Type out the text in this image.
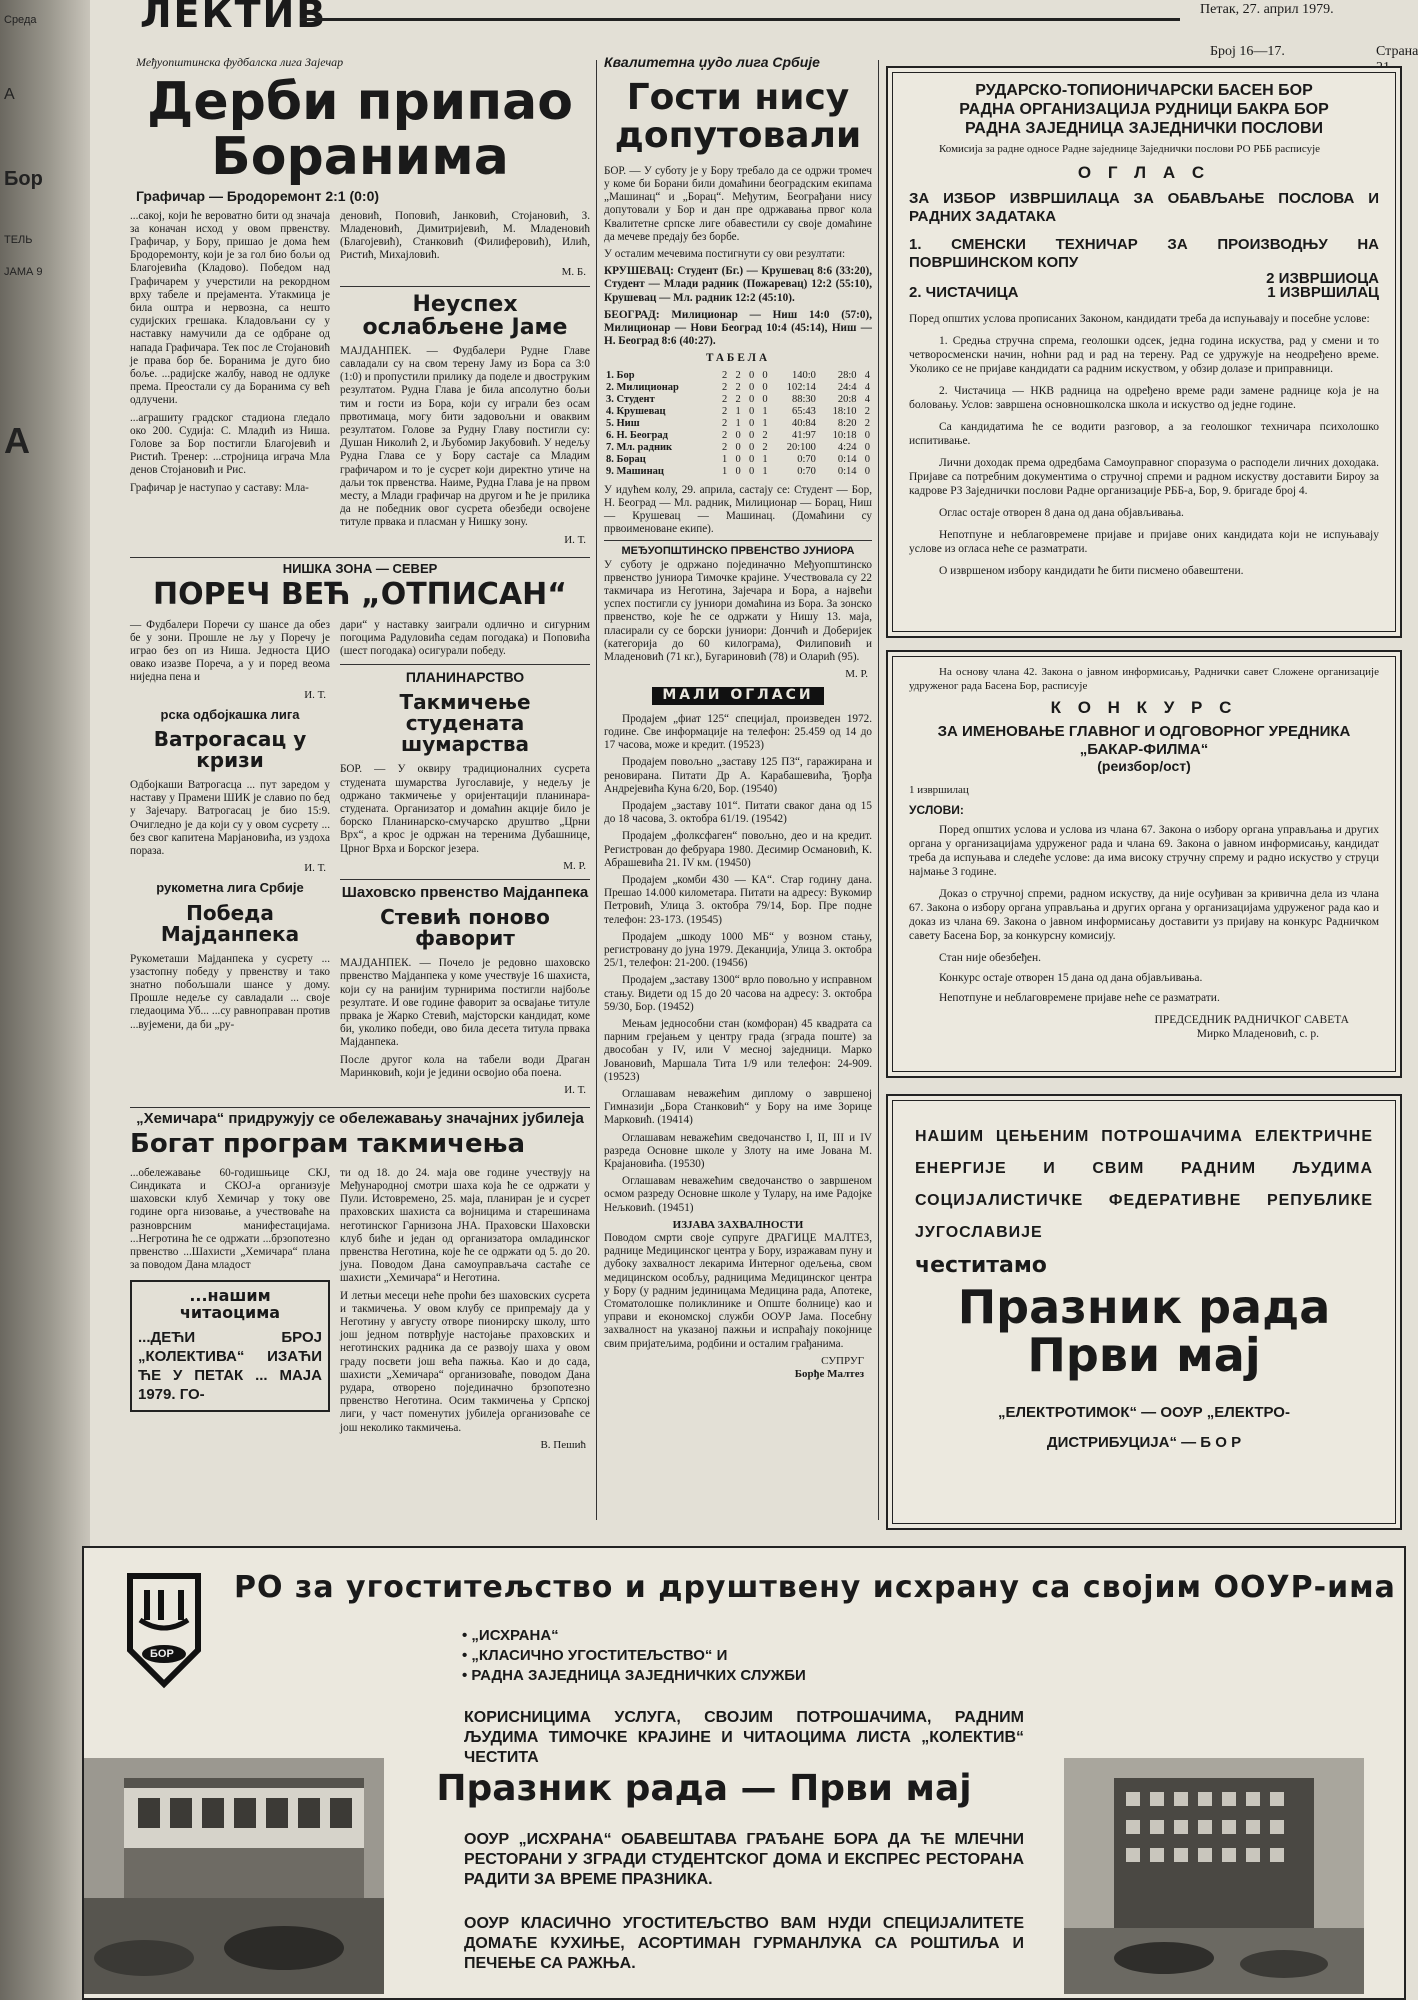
Среда
А
Бор
ТЕЛЬ
ЈАМА 9
А
ЛЕКТИВ	Петак, 27. април 1979.
Број 16—17.	Страна
Међуопштинска фудбалска лига Зајечар
Дерби припао Боранима
Графичар — Бродоремонт 2:1 (0:0)

...сакој, који ће вероватно бити од значаја за коначан исход у овом првенству. Графичар, у Бору, пришао је дома ћем Бродоремонту, који је за гол био бољи од Благојевића (Кладово). Победом над Графичарем у учерстили на рекордном врху табеле и прејамента. Утакмица је била оштра и нервозна, са нешто судијских грешака. Кладовљани су у наставку намучили да се одбране од напада Графичара. Тек пос ле Стојановић је права бор бе. Боранима је дуго био боље. ...радијске жалбу, навод не одлуке према. Преостали су да Боранима су већ одлучени.

...аграшиту градског стадиона гледало око 200. Судија: С. Младић из Ниша. Голове за Бор постигли Благојевић и Ристић. Тренер: ...стројница играча Мла денов Стојановић и Рис.

Графичар је наступао у саставу: Мла-

деновић, Поповић, Јанковић, Стојановић, З. Младеновић, Димитријевић, М. Младеновић (Благојевић), Станковић (Филиферовић), Илић, Ристић, Михајловић.

М. Б.
Неуспех ослабљене Јаме

МАЈДАНПЕК. — Фудбалери Рудне Главе савладали су на свом терену Јаму из Бора са 3:0 (1:0) и пропустили прилику да поделе и двоструким резултатом. Рудна Глава је била апсолутно бољи тим и гости из Бора, који су играли без осам првотимаца, могу бити задовољни и оваквим резултатом. Голове за Рудну Главу постигли су: Душан Николић 2, и Љубомир Јакубовић. У недељу Рудна Глава се у Бору састаје са Младим графичаром и то је сусрет који директно утиче на даљи ток првенства. Наиме, Рудна Глава је на првом месту, а Млади графичар на другом и ће је прилика да не победник овог сусрета обезбеди освојене титуле првака и пласман у Нишку зону.

И. Т.
НИШКА ЗОНА — СЕВЕР
ПОРЕЧ ВЕЋ „ОТПИСАН“

— Фудбалери Поречи су шансе да обез бе у зони. Прошле не љу у Поречу је играо без оп из Ниша. Једноста ЦИО овако изазве Пореча, а у и поред веома ниједна пена и

И. Т.
рска одбојкашка лига
Ватрогасац у кризи

Одбојкаши Ватрогасца ... пут заредом у наставу у Прамени ШИК је славио по бед у Зајечару. Ватрогасац је био 15:9. Очигледно је да који су у овом сусрету ... без свог капитена Марјановића, из уздоха пораза.

И. Т.
рукометна лига Србије
Победа Мајданпека

Рукометаши Мајданпека у сусрету ... узастопну победу у првенству и тако знатно побољшали шансе у дому. Прошле недеље су савладали ... своје гледаоцима Уб... ...су равноправан против ...вујемени, да би „ру-

дари“ у наставку заиграли одлично и сигурним погоцима Радуловића седам погодака) и Поповића (шест погодака) осигурали победу.

ПЛАНИНАРСТВО
Такмичење студената шумарства

БОР. — У оквиру традиционалних сусрета студената шумарства Југославије, у недељу је одржано такмичење у оријентацији планинара-студената. Организатор и домаћин акције било је борско Планинарско-смучарско друштво „Црни Врх“, а крос је одржан на теренима Дубашнице, Црног Врха и Борског језера.

М. Р.
Шаховско првенство Мајданпека
Стевић поново фаворит

МАЈДАНПЕК. — Почело је редовно шаховско првенство Мајданпека у коме учествује 16 шахиста, који су на ранијим турнирима постигли најбоље резултате. И ове године фаворит за освајање титуле првака је Жарко Стевић, мајсторски кандидат, коме би, уколико победи, ово била десета титула првака Мајданпека.

После другог кола на табели води Драган Маринковић, који је једини освојио оба поена.

И. Т.
„Хемичара“ придружују се обележавању значајних јубилеја
Богат програм такмичења

...обележавање 60-годишњице СКЈ, Синдиката и СКОЈ-а организује шаховски клуб Хемичар у току ове године орга низовање, а учествоваће на разноврсним манифестацијама. ...Негротина ће се одржати ...брзопотезно првенство ...Шахисти „Хемичара“ плана за поводом Дана младост

...нашим читаоцима
...ДЕЋИ БРОЈ „КОЛЕКТИВА“ ИЗАЋИ ЋЕ У ПЕТАК ... МАЈА 1979. ГО-

ти од 18. до 24. маја ове године учествују на Међународној смотри шаха која ће се одржати у Пули. Истовремено, 25. маја, планиран је и сусрет праховских шахиста са војницима и старешинама неготинског Гарнизона ЈНА. Праховски Шаховски клуб биће и један од организатора омладинског првенства Неготина, које ће се одржати од 5. до 20. јуна. Поводом Дана самоуправљача састаће се шахисти „Хемичара“ и Неготина.

И летњи месеци неће проћи без шаховских сусрета и такмичења. У овом клубу се припремају да у Неготину у августу отворе пионирску школу, што још једном потврђује настојање праховских и неготинских радника да се развоју шаха у овом граду посвети још већа пажња. Као и до сада, шахисти „Хемичара“ организоваће, поводом Дана рудара, отворено појединачно брзопотезно првенство Неготина. Осим такмичења у Српској лиги, у част поменутих јубилеја организоваће се још неколико такмичења.

В. Пешић
Квалитетна џудо лига Србије
Гости нису допутовали

БОР. — У суботу је у Бору требало да се одржи тромеч у коме би Борани били домаћини београдским екипама „Машинац“ и „Борац“. Међутим, Београђани нису допутовали у Бор и дан пре одржавања првог кола Квалитетне српске лиге обавестили су своје домаћине да мечеве предају без борбе.

У осталим мечевима постигнути су ови резултати:

КРУШЕВАЦ: Студент (Бг.) — Крушевац 8:6 (33:20), Студент — Млади радник (Пожаревац) 12:2 (55:10), Крушевац — Мл. радник 12:2 (45:10).

БЕОГРАД: Милиционар — Ниш 14:0 (57:0), Милиционар — Нови Београд 10:4 (45:14), Ниш — Н. Београд 8:6 (40:27).

ТАБЕЛА
1. Бор	2	2	0	0	140:0	28:0	4
2. Милиционар	2	2	0	0	102:14	24:4	4
3. Студент	2	2	0	0	88:30	20:8	4
4. Крушевац	2	1	0	1	65:43	18:10	2
5. Ниш	2	1	0	1	40:84	8:20	2
6. Н. Београд	2	0	0	2	41:97	10:18	0
7. Мл. радник	2	0	0	2	20:100	4:24	0
8. Борац	1	0	0	1	0:70	0:14	0
9. Машинац	1	0	0	1	0:70	0:14	0

У идућем колу, 29. априла, састају се: Студент — Бор, Н. Београд — Мл. радник, Милиционар — Борац, Ниш — Крушевац — Машинац. (Домаћини су првоименоване екипе).

МЕЂУОПШТИНСКО ПРВЕНСТВО ЈУНИОРА

У суботу је одржано појединачно Међуопштинско првенство јуниора Тимочке крајине. Учествовала су 22 такмичара из Неготина, Зајечара и Бора, а највећи успех постигли су јуниори домаћина из Бора. За зонско првенство, које ће се одржати у Нишу 13. маја, пласирали су се борски јуниори: Дончић и Доберијек (категорија до 60 килограма), Филиповић и Младеновић (71 кг.), Бугариновић (78) и Оларић (95).

М. Р.
МАЛИ ОГЛАСИ

Продајем „фиат 125“ специјал, произведен 1972. године. Све информације на телефон: 25.459 од 14 до 17 часова, може и кредит. (19523)

Продајем повољно „заставу 125 ПЗ“, гаражирана и реновирана. Питати Др А. Карабашевића, Ђорђа Андрејевића Куна 6/20, Бор. (19540)

Продајем „заставу 101“. Питати сваког дана од 15 до 18 часова, 3. октобра 61/19. (19542)

Продајем „фолксфаген“ повољно, део и на кредит. Регистрован до фебруара 1980. Десимир Османовић, К. Абрашевића 21. IV км. (19450)

Продајем „комби 430 — КА“. Стар годину дана. Прешао 14.000 километара. Питати на адресу: Вукомир Петровић, Улица 3. октобра 79/14, Бор. Пре подне телефон: 23-173. (19545)

Продајем „шкоду 1000 МБ“ у возном стању, регистровану до јуна 1979. Деканџија, Улица 3. октобра 25/1, телефон: 21-200. (19456)

Продајем „заставу 1300“ врло повољно у исправном стању. Видети од 15 до 20 часова на адресу: 3. октобра 59/30, Бор. (19452)

Мењам једнособни стан (комфоран) 45 квадрата са парним грејањем у центру града (зграда поште) за двособан у IV, или V месној заједници. Марко Јовановић, Маршала Тита 1/9 или телефон: 24-909. (19523)

Оглашавам неважећим диплому о завршеној Гимназији „Бора Станковић“ у Бору на име Зорице Марковић. (19414)

Оглашавам неважећим сведочанство I, II, III и IV разреда Основне школе у Злоту на име Јована М. Крајановића. (19530)

Оглашавам неважећим сведочанство о завршеном осмом разреду Основне школе у Тулару, на име Радојке Нељковић. (19451)

ИЗЈАВА ЗАХВАЛНОСТИ

Поводом смрти своје супруге ДРАГИЦЕ МАЛТЕЗ, раднице Медицинског центра у Бору, изражавам пуну и дубоку захвалност лекарима Интерног одељења, свом медицинском особљу, радницима Медицинског центра у Бору (у радним јединицама Медицина рада, Апотеке, Стоматолошке поликлинике и Опште болнице) као и управи и економској служби ООУР Јама. Посебну захвалност на указаној пажњи и испраћају покојнице свим пријатељима, родбини и осталим грађанима.

СУПРУГ
Борђе Малтез
РУДАРСКО-ТОПИОНИЧАРСКИ БАСЕН БОР
РАДНА ОРГАНИЗАЦИЈА РУДНИЦИ БАКРА БОР
РАДНА ЗАЈЕДНИЦА ЗАЈЕДНИЧКИ ПОСЛОВИ
Комисија за радне односе Радне заједнице Заједнички послови РО РББ расписује
О Г Л А С
ЗА ИЗБОР ИЗВРШИЛАЦА ЗА ОБАВЉАЊЕ ПОСЛОВА И РАДНИХ ЗАДАТАКА
1. СМЕНСКИ ТЕХНИЧАР ЗА ПРОИЗВОДЊУ НА ПОВРШИНСКОМ КОПУ
2 ИЗВРШИОЦА
2. ЧИСТАЧИЦА	1 ИЗВРШИЛАЦ

Поред општих услова прописаних Законом, кандидати треба да испуњавају и посебне услове:

1. Средња стручна спрема, геолошки одсек, једна година искуства, рад у смени и то четворосменски начин, ноћни рад и рад на терену. Рад се удружује на неодређено време. Уколико се не пријаве кандидати са радним искуством, у обзир долазе и приправници.

2. Чистачица — НКВ радница на одређено време ради замене раднице која је на боловању. Услов: завршена основношколска школа и искуство од једне године.

Са кандидатима ће се водити разговор, а за геолошког техничара психолошко испитивање.

Лични доходак према одредбама Самоуправног споразума о расподели личних доходака. Пријаве са потребним документима о стручној спреми и радном искуству доставити Бироу за кадрове РЗ Заједнички послови Радне организације РББ-а, Бор, 9. бригаде број 4.

Оглас остаје отворен 8 дана од дана објављивања.

Непотпуне и неблаговремене пријаве и пријаве оних кандидата који не испуњавају услове из огласа неће се разматрати.

О извршеном избору кандидати ће бити писмено обавештени.

На основу члана 42. Закона о јавном информисању, Раднички савет Сложене организације удруженог рада Басена Бор, расписује
К О Н К У Р С
ЗА ИМЕНОВАЊЕ ГЛАВНОГ И ОДГОВОРНОГ УРЕДНИКА „БАКАР-ФИЛМА“
(реизбор/ост)
1 извршилац
УСЛОВИ:

Поред општих услова и услова из члана 67. Закона о избору органа управљања и других органа у организацијама удруженог рада и члана 69. Закона о јавном информисању, кандидат треба да испуњава и следеће услове: да има високу стручну спрему и радно искуство у струци најмање 3 године.

Доказ о стручној спреми, радном искуству, да није осуђиван за кривична дела из члана 67. Закона о избору органа управљања и других органа у организацијама удруженог рада као и доказ из члана 69. Закона о јавном информисању доставити уз пријаву на конкурс Радничком савету Басена Бор, за конкурсну комисију.

Стан није обезбеђен.

Конкурс остаје отворен 15 дана од дана објављивања.

Непотпуне и неблаговремене пријаве неће се разматрати.

ПРЕДСЕДНИК РАДНИЧКОГ САВЕТА
Мирко Младеновић, с. р.
НАШИМ ЦЕЊЕНИМ ПОТРОШАЧИМА ЕЛЕКТРИЧНЕ ЕНЕРГИЈЕ И СВИМ РАДНИМ ЉУДИМА СОЦИЈАЛИСТИЧКЕ ФЕДЕРАТИВНЕ РЕПУБЛИКЕ ЈУГОСЛАВИЈЕ
честитамо
Празник рада
Први мај
„ЕЛЕКТРОТИМОК“ — ООУР „ЕЛЕКТРО-
ДИСТРИБУЦИЈА“ — Б О Р
БОР
РО за угоститељство и друштвену исхрану са својим ООУР-има
• „ИСХРАНА“
• „КЛАСИЧНО УГОСТИТЕЉСТВО“ И
• РАДНА ЗАЈЕДНИЦА ЗАЈЕДНИЧКИХ СЛУЖБИ
КОРИСНИЦИМА УСЛУГА, СВОЈИМ ПОТРОШАЧИМА, РАДНИМ ЉУДИМА ТИМОЧКЕ КРАЈИНЕ И ЧИТАОЦИМА ЛИСТА „КОЛЕКТИВ“ ЧЕСТИТА
Празник рада — Први мај
ООУР „ИСХРАНА“ ОБАВЕШТАВА ГРАЂАНЕ БОРА ДА ЋЕ МЛЕЧНИ РЕСТОРАНИ У ЗГРАДИ СТУДЕНТСКОГ ДОМА И ЕКСПРЕС РЕСТОРАНА РАДИТИ ЗА ВРЕМЕ ПРАЗНИКА.
ООУР КЛАСИЧНО УГОСТИТЕЉСТВО ВАМ НУДИ СПЕЦИЈАЛИТЕТЕ ДОМАЋЕ КУХИЊЕ, АСОРТИМАН ГУРМАНЛУКА СА РОШТИЉА И ПЕЧЕЊЕ СА РАЖЊА.
